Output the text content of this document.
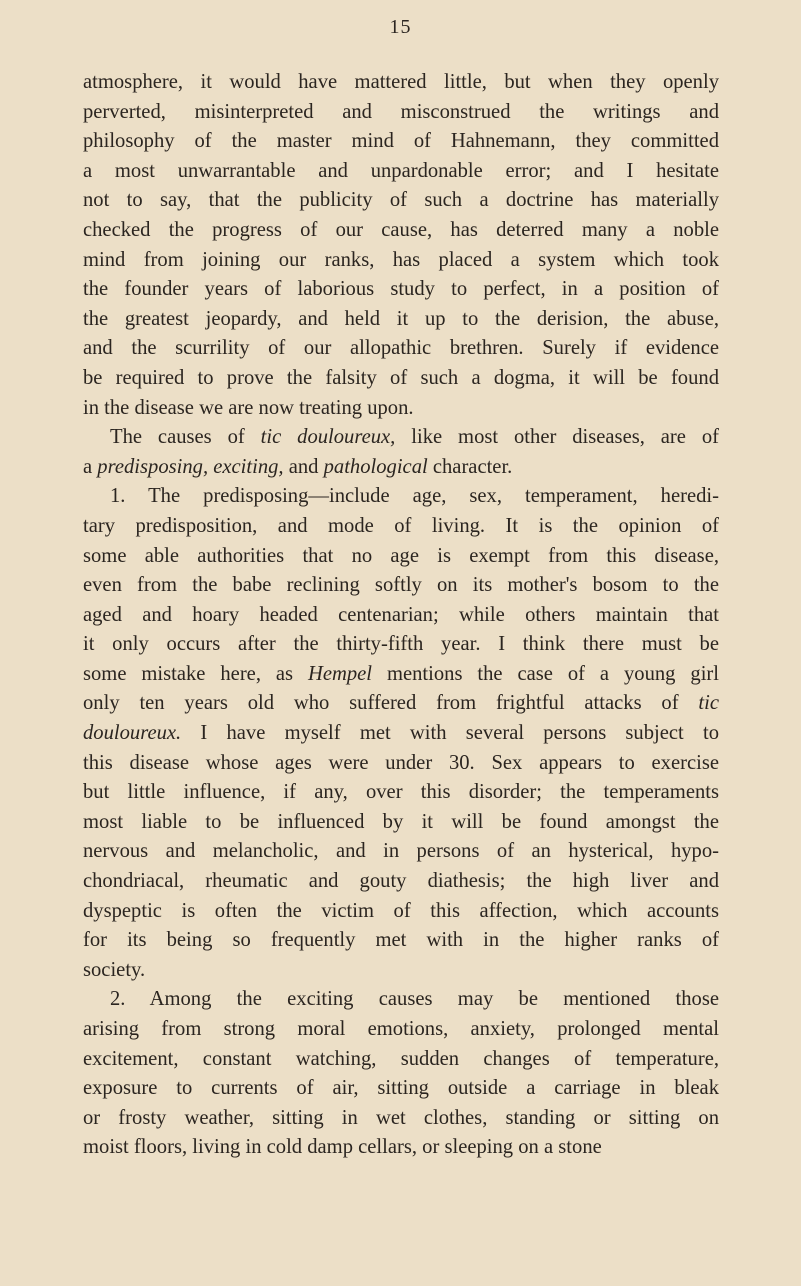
15
atmosphere, it would have mattered little, but when they openly
perverted, misinterpreted and misconstrued the writings and
philosophy of the master mind of Hahnemann, they committed
a most unwarrantable and unpardonable error; and I hesitate
not to say, that the publicity of such a doctrine has materially
checked the progress of our cause, has deterred many a noble
mind from joining our ranks, has placed a system which took
the founder years of laborious study to perfect, in a position of
the greatest jeopardy, and held it up to the derision, the abuse,
and the scurrility of our allopathic brethren. Surely if evidence
be required to prove the falsity of such a dogma, it will be found
in the disease we are now treating upon.
The causes of tic douloureux, like most other diseases, are of
a predisposing, exciting, and pathological character.
1. The predisposing—include age, sex, temperament, heredi-
tary predisposition, and mode of living. It is the opinion of
some able authorities that no age is exempt from this disease,
even from the babe reclining softly on its mother's bosom to the
aged and hoary headed centenarian; while others maintain that
it only occurs after the thirty-fifth year. I think there must be
some mistake here, as Hempel mentions the case of a young girl
only ten years old who suffered from frightful attacks of tic
douloureux. I have myself met with several persons subject to
this disease whose ages were under 30. Sex appears to exercise
but little influence, if any, over this disorder; the temperaments
most liable to be influenced by it will be found amongst the
nervous and melancholic, and in persons of an hysterical, hypo-
chondriacal, rheumatic and gouty diathesis; the high liver and
dyspeptic is often the victim of this affection, which accounts
for its being so frequently met with in the higher ranks of
society.
2. Among the exciting causes may be mentioned those
arising from strong moral emotions, anxiety, prolonged mental
excitement, constant watching, sudden changes of temperature,
exposure to currents of air, sitting outside a carriage in bleak
or frosty weather, sitting in wet clothes, standing or sitting on
moist floors, living in cold damp cellars, or sleeping on a stone
